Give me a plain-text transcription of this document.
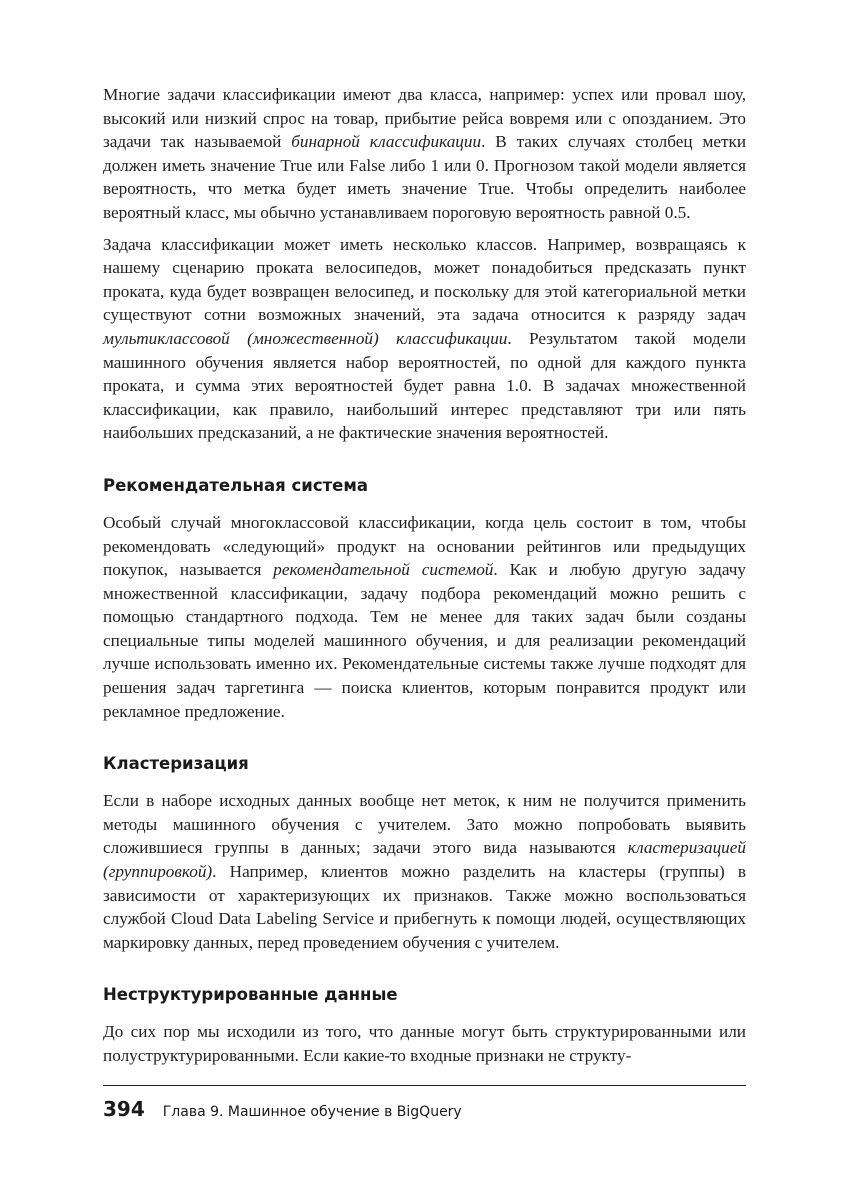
Многие задачи классификации имеют два класса, например: успех или провал шоу, высокий или низкий спрос на товар, прибытие рейса вовремя или с опозданием. Это задачи так называемой бинарной классификации. В таких случаях столбец метки должен иметь значение True или False либо 1 или 0. Прогнозом такой модели является вероятность, что метка будет иметь значение True. Чтобы определить наиболее вероятный класс, мы обычно устанавливаем пороговую вероятность равной 0.5.

Задача классификации может иметь несколько классов. Например, возвращаясь к нашему сценарию проката велосипедов, может понадобиться предсказать пункт проката, куда будет возвращен велосипед, и поскольку для этой категориальной метки существуют сотни возможных значений, эта задача относится к разряду задач мультиклассовой (множественной) классификации. Результатом такой модели машинного обучения является набор вероятностей, по одной для каждого пункта проката, и сумма этих вероятностей будет равна 1.0. В задачах множественной классификации, как правило, наибольший интерес представляют три или пять наибольших предсказаний, а не фактические значения вероятностей.

Рекомендательная система

Особый случай многоклассовой классификации, когда цель состоит в том, чтобы рекомендовать «следующий» продукт на основании рейтингов или предыдущих покупок, называется рекомендательной системой. Как и любую другую задачу множественной классификации, задачу подбора рекомендаций можно решить с помощью стандартного подхода. Тем не менее для таких задач были созданы специальные типы моделей машинного обучения, и для реализации рекомендаций лучше использовать именно их. Рекомендательные системы также лучше подходят для решения задач таргетинга — поиска клиентов, которым понравится продукт или рекламное предложение.

Кластеризация

Если в наборе исходных данных вообще нет меток, к ним не получится применить методы машинного обучения с учителем. Зато можно попробовать выявить сложившиеся группы в данных; задачи этого вида называются кластеризацией (группировкой). Например, клиентов можно разделить на кластеры (группы) в зависимости от характеризующих их признаков. Также можно воспользоваться службой Cloud Data Labeling Service и прибегнуть к помощи людей, осуществляющих маркировку данных, перед проведением обучения с учителем.

Неструктурированные данные

До сих пор мы исходили из того, что данные могут быть структурированными или полуструктурированными. Если какие-то входные признаки не структу-

394 Глава 9. Машинное обучение в BigQuery
